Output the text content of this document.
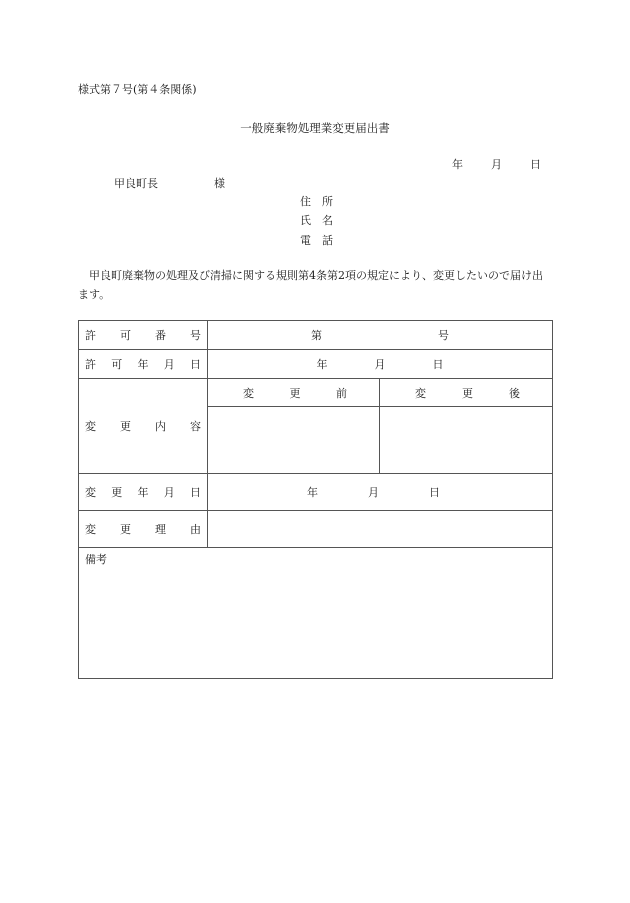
様式第７号(第４条関係)
一般廃棄物処理業変更届出書
年	月	日
甲良町長	様
住　所
氏　名
電　話
甲良町廃棄物の処理及び清掃に関する規則第4条第2項の規定により、変更したいので届け出ます。
許 可 番 号	第 号	

許 可 年 月 日	年 月 日	

変 更 内 容	変 更 前	変 更 後

変 更 年 月 日	年 月 日	

変 更 理 由		

備考		
